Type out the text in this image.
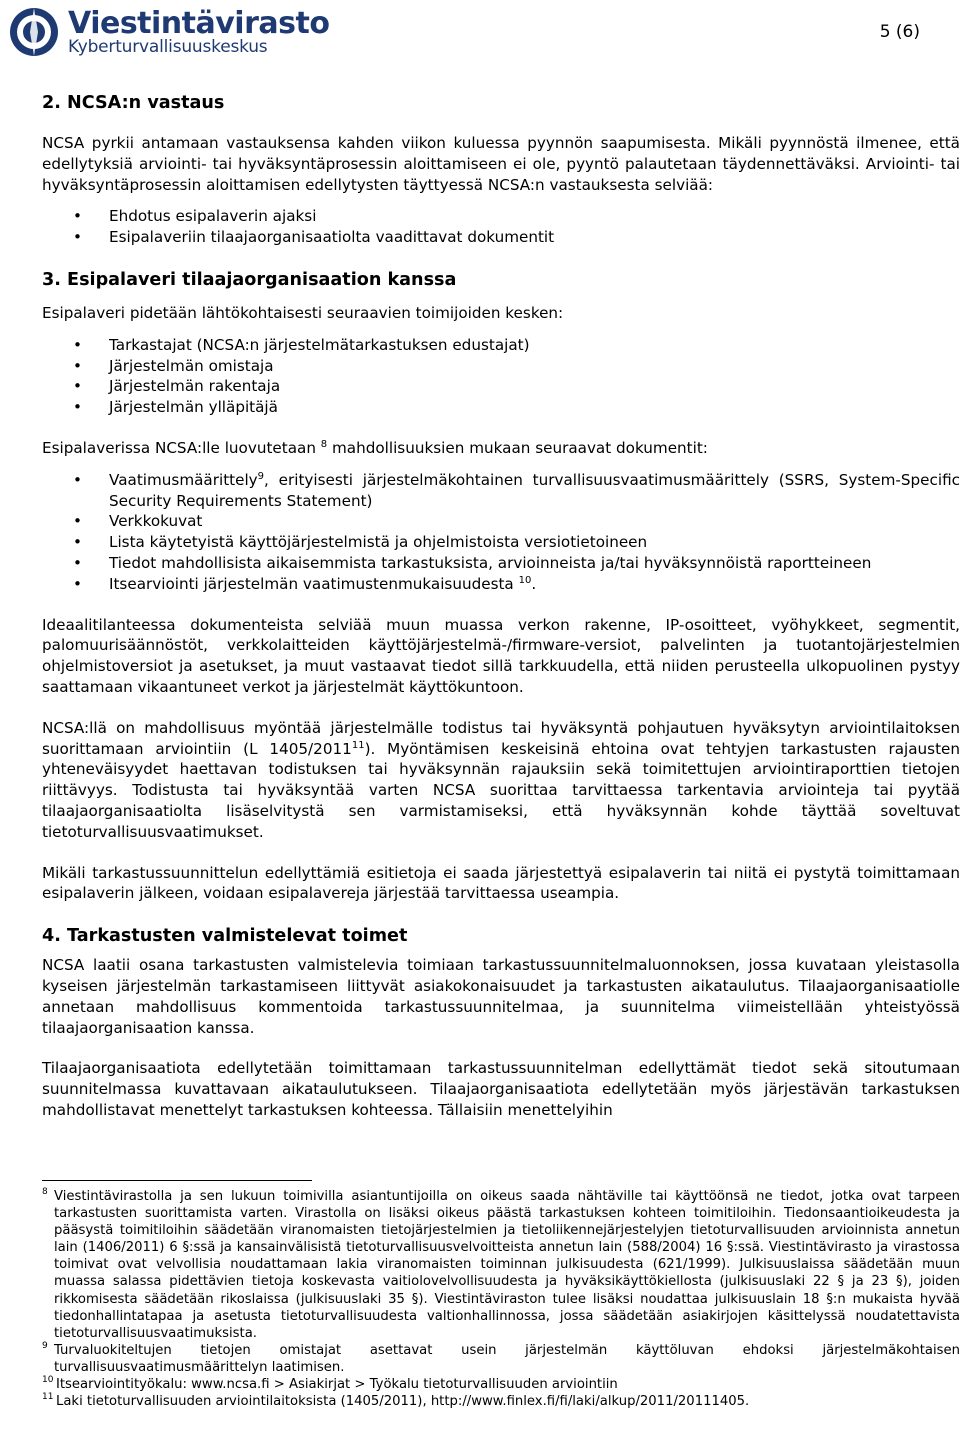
Viestintävirasto
Kyberturvallisuuskeskus
5 (6)
2. NCSA:n vastaus

NCSA pyrkii antamaan vastauksensa kahden viikon kuluessa pyynnön saapumisesta. Mikäli pyynnöstä ilmenee, että edellytyksiä arviointi- tai hyväksyntäprosessin aloittamiseen ei ole, pyyntö palautetaan täydennettäväksi. Arviointi- tai hyväksyntäprosessin aloittamisen edellytysten täyttyessä NCSA:n vastauksesta selviää:

• Ehdotus esipalaverin ajaksi
• Esipalaveriin tilaajaorganisaatiolta vaadittavat dokumentit
3. Esipalaveri tilaajaorganisaation kanssa

Esipalaveri pidetään lähtökohtaisesti seuraavien toimijoiden kesken:

• Tarkastajat (NCSA:n järjestelmätarkastuksen edustajat)
• Järjestelmän omistaja
• Järjestelmän rakentaja
• Järjestelmän ylläpitäjä

Esipalaverissa NCSA:lle luovutetaan $^8$ mahdollisuuksien mukaan seuraavat dokumentit:

• Vaatimusmäärittely$^9$, erityisesti järjestelmäkohtainen turvallisuusvaatimusmäärittely (SSRS, System-Specific Security Requirements Statement)
• Verkkokuvat
• Lista käytetyistä käyttöjärjestelmistä ja ohjelmistoista versiotietoineen
• Tiedot mahdollisista aikaisemmista tarkastuksista, arvioinneista ja/tai hyväksynnöistä raportteineen
• Itsearviointi järjestelmän vaatimustenmukaisuudesta $^{10}$.

Ideaalitilanteessa dokumenteista selviää muun muassa verkon rakenne, IP-osoitteet, vyöhykkeet, segmentit, palomuurisäännöstöt, verkkolaitteiden käyttöjärjestelmä-/firmware-versiot, palvelinten ja tuotantojärjestelmien ohjelmistoversiot ja asetukset, ja muut vastaavat tiedot sillä tarkkuudella, että niiden perusteella ulkopuolinen pystyy saattamaan vikaantuneet verkot ja järjestelmät käyttökuntoon.

NCSA:llä on mahdollisuus myöntää järjestelmälle todistus tai hyväksyntä pohjautuen hyväksytyn arviointilaitoksen suorittamaan arviointiin (L 1405/2011$^{11}$). Myöntämisen keskeisinä ehtoina ovat tehtyjen tarkastusten rajausten yhteneväisyydet haettavan todistuksen tai hyväksynnän rajauksiin sekä toimitettujen arviointiraporttien tietojen riittävyys. Todistusta tai hyväksyntää varten NCSA suorittaa tarvittaessa tarkentavia arviointeja tai pyytää tilaajaorganisaatiolta lisäselvitystä sen varmistamiseksi, että hyväksynnän kohde täyttää soveltuvat tietoturvallisuusvaatimukset.

Mikäli tarkastussuunnittelun edellyttämiä esitietoja ei saada järjestettyä esipalaverin tai niitä ei pystytä toimittamaan esipalaverin jälkeen, voidaan esipalavereja järjestää tarvittaessa useampia.

4. Tarkastusten valmistelevat toimet

NCSA laatii osana tarkastusten valmistelevia toimiaan tarkastussuunnitelmaluonnoksen, jossa kuvataan yleistasolla kyseisen järjestelmän tarkastamiseen liittyvät asiakokonaisuudet ja tarkastusten aikataulutus. Tilaajaorganisaatiolle annetaan mahdollisuus kommentoida tarkastussuunnitelmaa, ja suunnitelma viimeistellään yhteistyössä tilaajaorganisaation kanssa.

Tilaajaorganisaatiota edellytetään toimittamaan tarkastussuunnitelman edellyttämät tiedot sekä sitoutumaan suunnitelmassa kuvattavaan aikataulutukseen. Tilaajaorganisaatiota edellytetään myös järjestävän tarkastuksen mahdollistavat menettelyt tarkastuksen kohteessa. Tällaisiin menettelyihin

8 Viestintävirastolla ja sen lukuun toimivilla asiantuntijoilla on oikeus saada nähtäville tai käyttöönsä ne tiedot, jotka ovat tarpeen tarkastusten suorittamista varten. Virastolla on lisäksi oikeus päästä tarkastuksen kohteen toimitiloihin. Tiedonsaantioikeudesta ja pääsystä toimitiloihin säädetään viranomaisten tietojärjestelmien ja tietoliikennejärjestelyjen tietoturvallisuuden arvioinnista annetun lain (1406/2011) 6 §:ssä ja kansainvälisistä tietoturvallisuusvelvoitteista annetun lain (588/2004) 16 §:ssä. Viestintävirasto ja virastossa toimivat ovat velvollisia noudattamaan lakia viranomaisten toiminnan julkisuudesta (621/1999). Julkisuuslaissa säädetään muun muassa salassa pidettävien tietoja koskevasta vaitiolovelvollisuudesta ja hyväksikäyttökiellosta (julkisuuslaki 22 § ja 23 §), joiden rikkomisesta säädetään rikoslaissa (julkisuuslaki 35 §). Viestintäviraston tulee lisäksi noudattaa julkisuuslain 18 §:n mukaista hyvää tiedonhallintatapaa ja asetusta tietoturvallisuudesta valtionhallinnossa, jossa säädetään asiakirjojen käsittelyssä noudatettavista tietoturvallisuusvaatimuksista.
9 Turvaluokiteltujen tietojen omistajat asettavat usein järjestelmän käyttöluvan ehdoksi järjestelmäkohtaisen turvallisuusvaatimusmäärittelyn laatimisen.
10 Itsearviointityökalu: www.ncsa.fi > Asiakirjat > Työkalu tietoturvallisuuden arviointiin
11 Laki tietoturvallisuuden arviointilaitoksista (1405/2011), http://www.finlex.fi/fi/laki/alkup/2011/20111405.
